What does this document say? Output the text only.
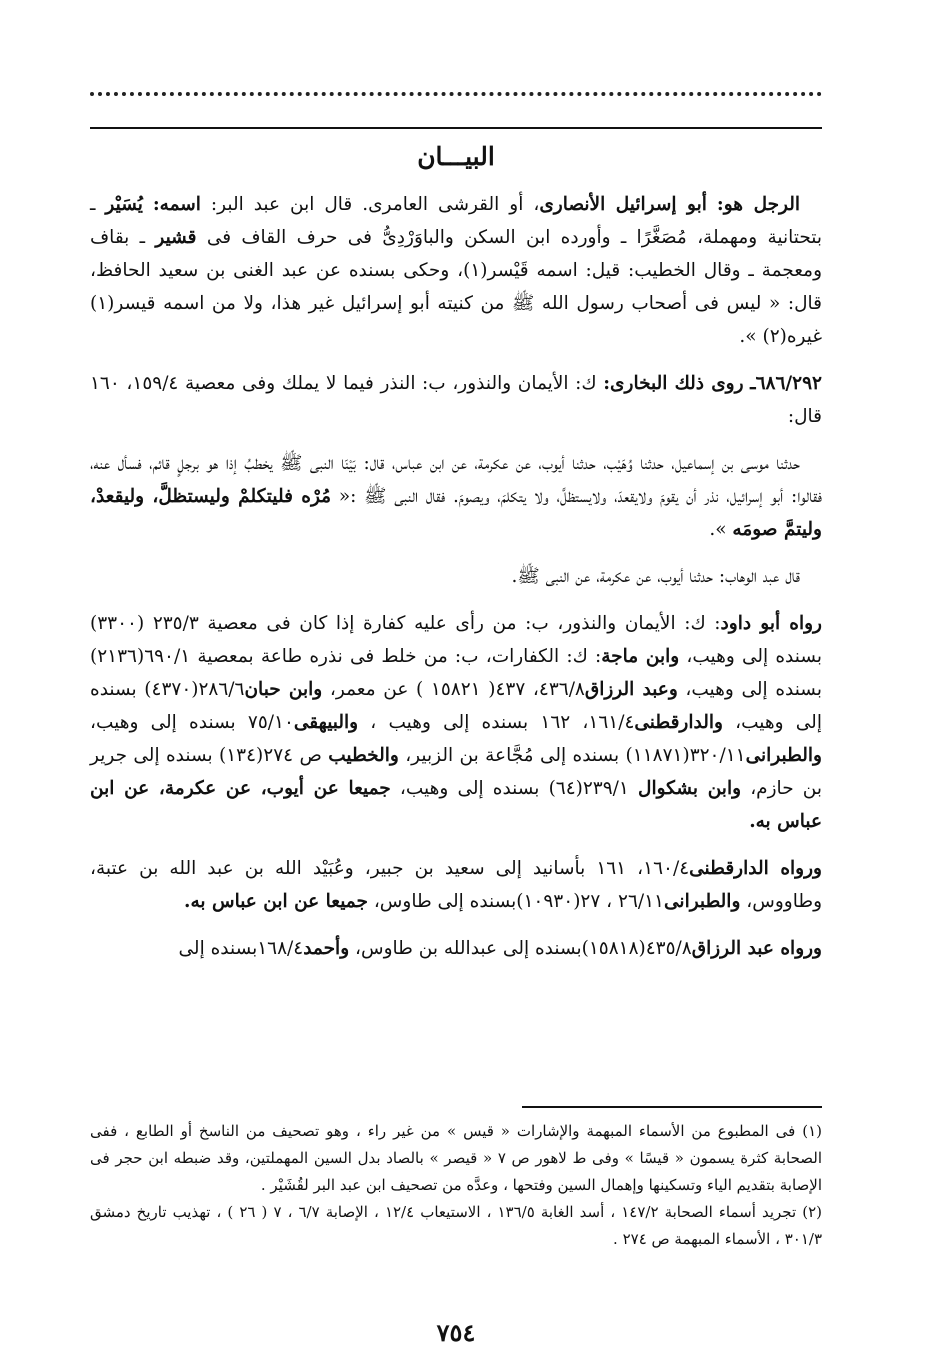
البيـــان

الرجل هو: أبو إسرائيل الأنصارى، أو القرشى العامرى. قال ابن عبد البر: اسمه: يُسَيْر ـ بتحتانية ومهملة، مُصَغَّرًا ـ وأورده ابن السكن والباوَرْدِىُّ فى حرف القاف فى قشير ـ بقاف ومعجمة ـ وقال الخطيب: قيل: اسمه قَيْسر(١)، وحكى بسنده عن عبد الغنى بن سعيد الحافظ، قال: « ليس فى أصحاب رسول الله ﷺ من كنيته أبو إسرائيل غير هذا، ولا من اسمه قيسر(١) غيره(٢) ».

٦٨٦/٢٩٢ـ روى ذلك البخارى: ك: الأيمان والنذور، ب: النذر فيما لا يملك وفى معصية ١٥٩/٤، ١٦٠ قال:

حدثنا موسى بن إسماعيل، حدثنا وُهَيْب، حدثنا أيوب، عن عكرمة، عن ابن عباس، قال: بَيْنَا النبى ﷺ يخطبُ إذا هو برجلٍ قائم، فسأل عنه، فقالوا: أبو إسرائيل، نذر أن يقومَ ولايقعدَ، ولايستظلَّ، ولا يتكلمَ، ويصومَ. فقال النبى ﷺ :« مُرْه فليتكلمْ وليستظلَّ، وليقعدْ، وليتمَّ صومَه ».

قال عبد الوهاب: حدثنا أيوب، عن عكرمة، عن النبى ﷺ.

رواه أبو داود: ك: الأيمان والنذور، ب: من رأى عليه كفارة إذا كان فى معصية ٢٣٥/٣ (٣٣٠٠) بسنده إلى وهيب، وابن ماجة: ك: الكفارات، ب: من خلط فى نذره طاعة بمعصية ٦٩٠/١(٢١٣٦) بسنده إلى وهيب، وعبد الرزاق٤٣٦/٨، ٤٣٧( ١٥٨٢١ ) عن معمر، وابن حبان٢٨٦/٦(٤٣٧٠) بسنده إلى وهيب، والدارقطنى١٦١/٤، ١٦٢ بسنده إلى وهيب ، والبيهقى٧٥/١٠ بسنده إلى وهيب، والطبرانى٣٢٠/١١(١١٨٧١) بسنده إلى مُجَّاعة بن الزبير، والخطيب ص ٢٧٤(١٣٤) بسنده إلى جرير بن حازم، وابن بشكوال ٢٣٩/١(٦٤) بسنده إلى وهيب، جميعا عن أيوب، عن عكرمة، عن ابن عباس به.

ورواه الدارقطنى١٦٠/٤، ١٦١ بأسانيد إلى سعيد بن جبير، وعُبَيْد الله بن عبد الله بن عتبة، وطاووس، والطبرانى٢٦/١١ ، ٢٧(١٠٩٣٠)بسنده إلى طاوس، جميعا عن ابن عباس به.

ورواه عبد الرزاق٤٣٥/٨(١٥٨١٨)بسنده إلى عبدالله بن طاوس، وأحمد١٦٨/٤بسنده إلى

(١) فى المطبوع من الأسماء المبهمة والإشارات « قيس » من غير راء ، وهو تصحيف من الناسخ أو الطابع ، ففى الصحابة كثرة يسمون « قيسًا » وفى ط لاهور ص ٧ « قيصر » بالصاد بدل السين المهملتين، وقد ضبطه ابن حجر فى الإصابة بتقديم الياء وتسكينها وإهمال السين وفتحها ، وعدَّه من تصحيف ابن عبد البر لقُشَيْر .

(٢) تجريد أسماء الصحابة ١٤٧/٢ ، أسد الغابة ١٣٦/٥ ، الاستيعاب ١٢/٤ ، الإصابة ٦/٧ ، ٧ ( ٢٦ ) ، تهذيب تاريخ دمشق ٣٠١/٣ ، الأسماء المبهمة ص ٢٧٤ .

٧٥٤
